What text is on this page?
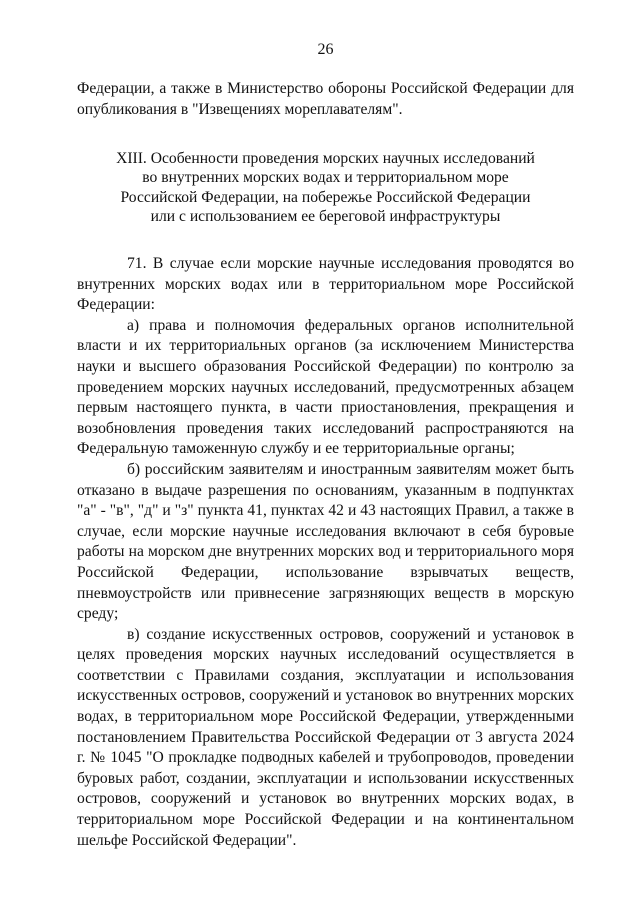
26

Федерации, а также в Министерство обороны Российской Федерации для опубликования в "Извещениях мореплавателям".

XIII. Особенности проведения морских научных исследований
во внутренних морских водах и территориальном море
Российской Федерации, на побережье Российской Федерации
или с использованием ее береговой инфраструктуры

71. В случае если морские научные исследования проводятся во внутренних морских водах или в территориальном море Российской Федерации:

а) права и полномочия федеральных органов исполнительной власти и их территориальных органов (за исключением Министерства науки и высшего образования Российской Федерации) по контролю за проведением морских научных исследований, предусмотренных абзацем первым настоящего пункта, в части приостановления, прекращения и возобновления проведения таких исследований распространяются на Федеральную таможенную службу и ее территориальные органы;

б) российским заявителям и иностранным заявителям может быть отказано в выдаче разрешения по основаниям, указанным в подпунктах "а" - "в", "д" и "з" пункта 41, пунктах 42 и 43 настоящих Правил, а также в случае, если морские научные исследования включают в себя буровые работы на морском дне внутренних морских вод и территориального моря Российской Федерации, использование взрывчатых веществ, пневмоустройств или привнесение загрязняющих веществ в морскую среду;

в) создание искусственных островов, сооружений и установок в целях проведения морских научных исследований осуществляется в соответствии с Правилами создания, эксплуатации и использования искусственных островов, сооружений и установок во внутренних морских водах, в территориальном море Российской Федерации, утвержденными постановлением Правительства Российской Федерации от 3 августа 2024 г. № 1045 "О прокладке подводных кабелей и трубопроводов, проведении буровых работ, создании, эксплуатации и использовании искусственных островов, сооружений и установок во внутренних морских водах, в территориальном море Российской Федерации и на континентальном шельфе Российской Федерации".
